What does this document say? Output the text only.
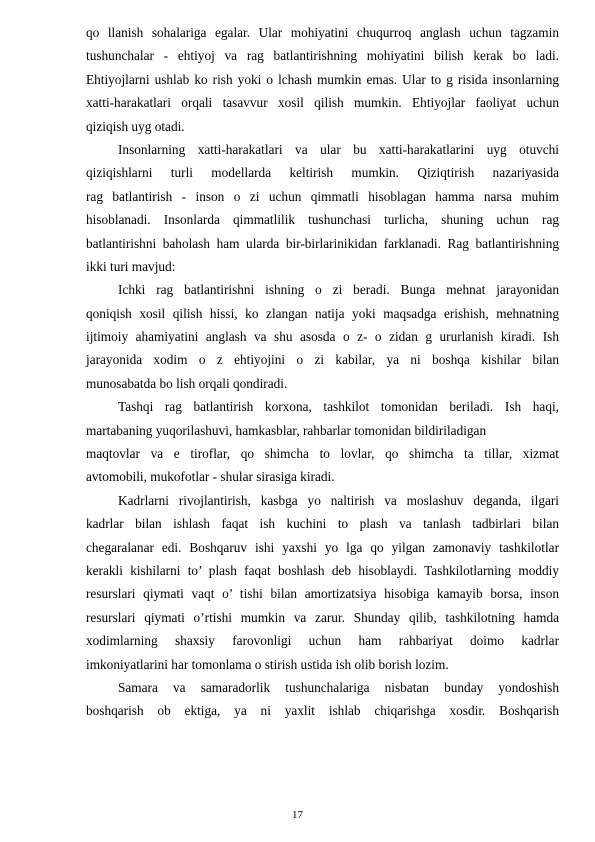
qo llanish sohalariga egalar. Ular mohiyatini chuqurroq anglash uchun tagzamin
tushunchalar - ehtiyoj va rag batlantirishning mohiyatini bilish kerak bo ladi.
Ehtiyojlarni ushlab ko rish yoki o lchash mumkin emas. Ular to g risida insonlarning
xatti-harakatlari orqali tasavvur xosil qilish mumkin. Ehtiyojlar faoliyat uchun
qiziqish uyg otadi.
Insonlarning xatti-harakatlari va ular bu xatti-harakatlarini uyg otuvchi
qiziqishlarni turli modellarda keltirish mumkin. Qiziqtirish nazariyasida
rag batlantirish - inson o zi uchun qimmatli hisoblagan hamma narsa muhim
hisoblanadi. Insonlarda qimmatlilik tushunchasi turlicha, shuning uchun rag
batlantirishni baholash ham ularda bir-birlarinikidan farklanadi. Rag batlantirishning
ikki turi mavjud:
Ichki rag batlantirishni ishning o zi beradi. Bunga mehnat jarayonidan
qoniqish xosil qilish hissi, ko zlangan natija yoki maqsadga erishish, mehnatning
ijtimoiy ahamiyatini anglash va shu asosda o z- o zidan g ururlanish kiradi. Ish
jarayonida xodim o z ehtiyojini o zi kabilar, ya ni boshqa kishilar bilan
munosabatda bo lish orqali qondiradi.
Tashqi rag batlantirish korxona, tashkilot tomonidan beriladi. Ish haqi,
martabaning yuqorilashuvi, hamkasblar, rahbarlar tomonidan bildiriladigan
maqtovlar va e tiroflar, qo shimcha to lovlar, qo shimcha ta tillar, xizmat
avtomobili, mukofotlar - shular sirasiga kiradi.
Kadrlarni rivojlantirish, kasbga yo naltirish va moslashuv deganda, ilgari
kadrlar bilan ishlash faqat ish kuchini to plash va tanlash tadbirlari bilan
chegaralanar edi. Boshqaruv ishi yaxshi yo lga qo yilgan zamonaviy tashkilotlar
kerakli kishilarni to’ plash faqat boshlash deb hisoblaydi. Tashkilotlarning moddiy
resurslari qiymati vaqt o’ tishi bilan amortizatsiya hisobiga kamayib borsa, inson
resurslari qiymati o’rtishi mumkin va zarur. Shunday qilib, tashkilotning hamda
xodimlarning shaxsiy farovonligi uchun ham rahbariyat doimo kadrlar
imkoniyatlarini har tomonlama o stirish ustida ish olib borish lozim.
Samara va samaradorlik tushunchalariga nisbatan bunday yondoshish
boshqarish ob ektiga, ya ni yaxlit ishlab chiqarishga xosdir. Boshqarish
17
